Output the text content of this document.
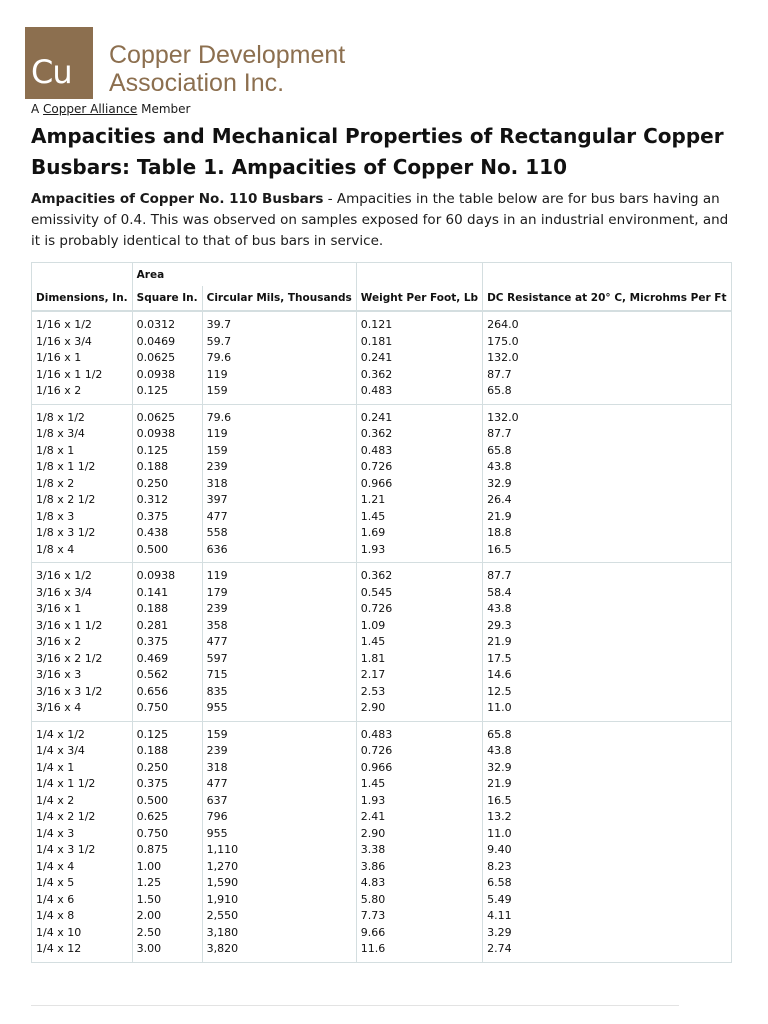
Cu Copper Development
Association Inc.
A Copper Alliance Member
Ampacities and Mechanical Properties of Rectangular Copper Busbars: Table 1. Ampacities of Copper No. 110

Ampacities of Copper No. 110 Busbars - Ampacities in the table below are for bus bars having an emissivity of 0.4. This was observed on samples exposed for 60 days in an industrial environment, and it is probably identical to that of bus bars in service.

	Area			
Dimensions, In.	Square In.	Circular Mils, Thousands	Weight Per Foot, Lb	DC Resistance at 20° C, Microhms Per Ft
1/16 x 1/2	0.0312	39.7	0.121	264.0
1/16 x 3/4	0.0469	59.7	0.181	175.0
1/16 x 1	0.0625	79.6	0.241	132.0
1/16 x 1 1/2	0.0938	119	0.362	87.7
1/16 x 2	0.125	159	0.483	65.8
1/8 x 1/2	0.0625	79.6	0.241	132.0
1/8 x 3/4	0.0938	119	0.362	87.7
1/8 x 1	0.125	159	0.483	65.8
1/8 x 1 1/2	0.188	239	0.726	43.8
1/8 x 2	0.250	318	0.966	32.9
1/8 x 2 1/2	0.312	397	1.21	26.4
1/8 x 3	0.375	477	1.45	21.9
1/8 x 3 1/2	0.438	558	1.69	18.8
1/8 x 4	0.500	636	1.93	16.5
3/16 x 1/2	0.0938	119	0.362	87.7
3/16 x 3/4	0.141	179	0.545	58.4
3/16 x 1	0.188	239	0.726	43.8
3/16 x 1 1/2	0.281	358	1.09	29.3
3/16 x 2	0.375	477	1.45	21.9
3/16 x 2 1/2	0.469	597	1.81	17.5
3/16 x 3	0.562	715	2.17	14.6
3/16 x 3 1/2	0.656	835	2.53	12.5
3/16 x 4	0.750	955	2.90	11.0
1/4 x 1/2	0.125	159	0.483	65.8
1/4 x 3/4	0.188	239	0.726	43.8
1/4 x 1	0.250	318	0.966	32.9
1/4 x 1 1/2	0.375	477	1.45	21.9
1/4 x 2	0.500	637	1.93	16.5
1/4 x 2 1/2	0.625	796	2.41	13.2
1/4 x 3	0.750	955	2.90	11.0
1/4 x 3 1/2	0.875	1,110	3.38	9.40
1/4 x 4	1.00	1,270	3.86	8.23
1/4 x 5	1.25	1,590	4.83	6.58
1/4 x 6	1.50	1,910	5.80	5.49
1/4 x 8	2.00	2,550	7.73	4.11
1/4 x 10	2.50	3,180	9.66	3.29
1/4 x 12	3.00	3,820	11.6	2.74
